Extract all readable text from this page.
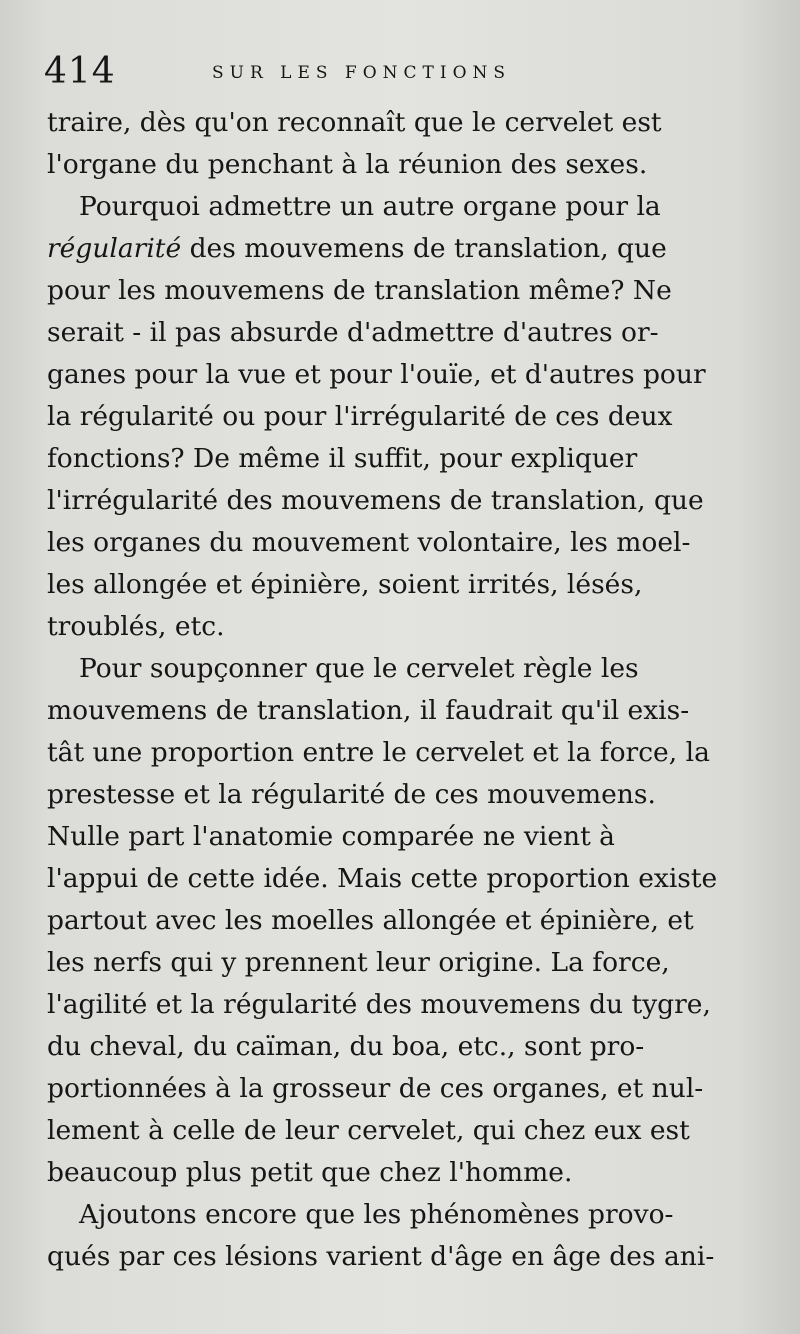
414	SUR LES FONCTIONS
traire, dès qu'on reconnaît que le cervelet est
l'organe du penchant à la réunion des sexes.
Pourquoi admettre un autre organe pour la
régularité des mouvemens de translation, que
pour les mouvemens de translation même? Ne
serait - il pas absurde d'admettre d'autres or-
ganes pour la vue et pour l'ouïe, et d'autres pour
la régularité ou pour l'irrégularité de ces deux
fonctions? De même il suffit, pour expliquer
l'irrégularité des mouvemens de translation, que
les organes du mouvement volontaire, les moel-
les allongée et épinière, soient irrités, lésés,
troublés, etc.
Pour soupçonner que le cervelet règle les
mouvemens de translation, il faudrait qu'il exis-
tât une proportion entre le cervelet et la force, la
prestesse et la régularité de ces mouvemens.
Nulle part l'anatomie comparée ne vient à
l'appui de cette idée. Mais cette proportion existe
partout avec les moelles allongée et épinière, et
les nerfs qui y prennent leur origine. La force,
l'agilité et la régularité des mouvemens du tygre,
du cheval, du caïman, du boa, etc., sont pro-
portionnées à la grosseur de ces organes, et nul-
lement à celle de leur cervelet, qui chez eux est
beaucoup plus petit que chez l'homme.
Ajoutons encore que les phénomènes provo-
qués par ces lésions varient d'âge en âge des ani-
